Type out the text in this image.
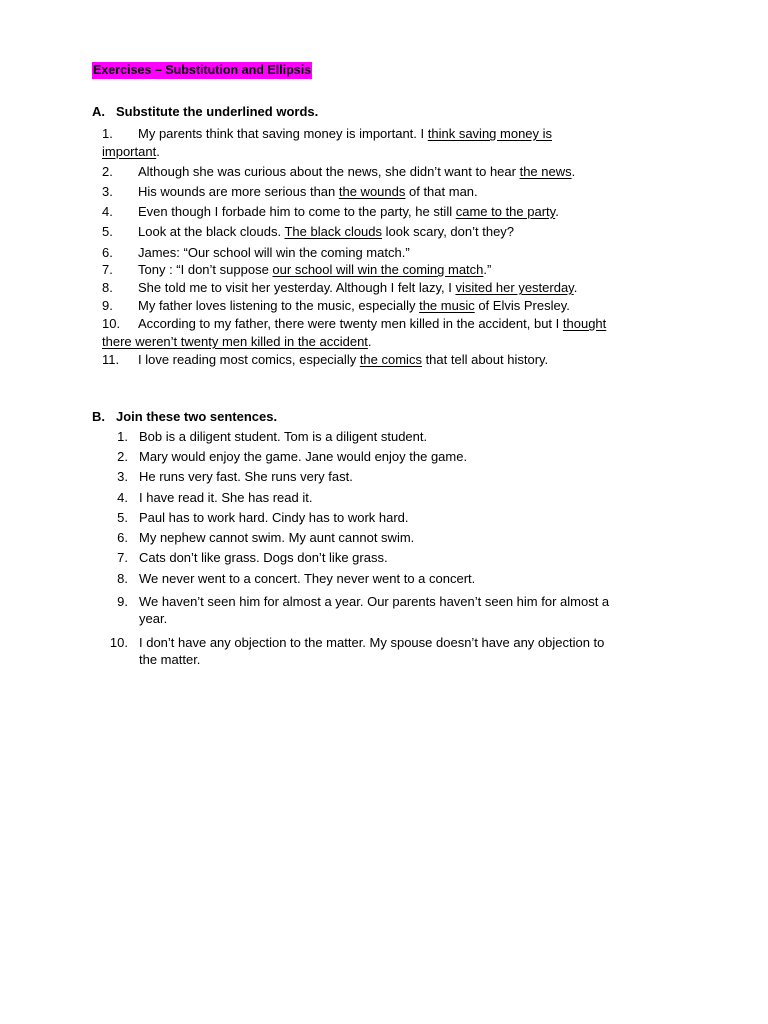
Exercises – Substitution and Ellipsis

A. Substitute the underlined words.

1. My parents think that saving money is important. I think saving money is
important.
2. Although she was curious about the news, she didn’t want to hear the news.
3. His wounds are more serious than the wounds of that man.
4. Even though I forbade him to come to the party, he still came to the party.
5. Look at the black clouds. The black clouds look scary, don’t they?
6. James: “Our school will win the coming match.”
7. Tony : “I don’t suppose our school will win the coming match.”
8. She told me to visit her yesterday. Although I felt lazy, I visited her yesterday.
9. My father loves listening to the music, especially the music of Elvis Presley.
10. According to my father, there were twenty men killed in the accident, but I thought
there weren’t twenty men killed in the accident.
11. I love reading most comics, especially the comics that tell about history.

B. Join these two sentences.

1. Bob is a diligent student. Tom is a diligent student.
2. Mary would enjoy the game. Jane would enjoy the game.
3. He runs very fast. She runs very fast.
4. I have read it. She has read it.
5. Paul has to work hard. Cindy has to work hard.
6. My nephew cannot swim. My aunt cannot swim.
7. Cats don’t like grass. Dogs don’t like grass.
8. We never went to a concert. They never went to a concert.
9. We haven’t seen him for almost a year. Our parents haven’t seen him for almost a
year.
10. I don’t have any objection to the matter. My spouse doesn’t have any objection to
the matter.
